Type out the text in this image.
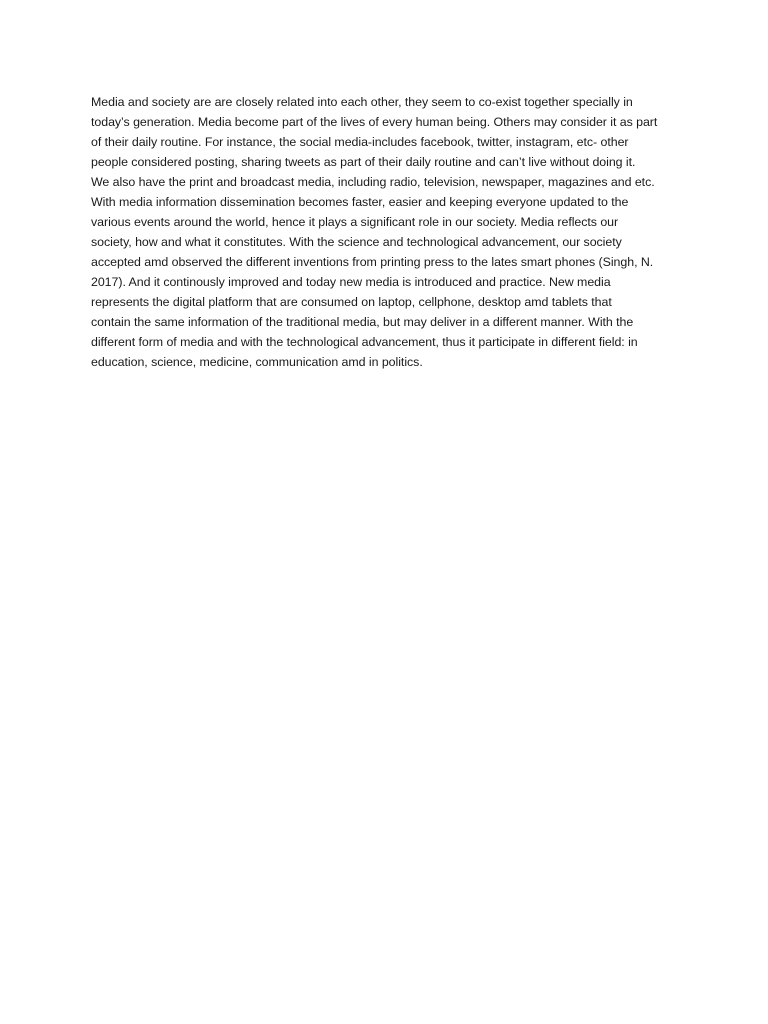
Media and society are are closely related into each other, they seem to co-exist together specially in
today’s generation. Media become part of the lives of every human being. Others may consider it as part
of their daily routine. For instance, the social media-includes facebook, twitter, instagram, etc- other
people considered posting, sharing tweets as part of their daily routine and can’t live without doing it.
We also have the print and broadcast media, including radio, television, newspaper, magazines and etc.
With media information dissemination becomes faster, easier and keeping everyone updated to the
various events around the world, hence it plays a significant role in our society. Media reflects our
society, how and what it constitutes. With the science and technological advancement, our society
accepted amd observed the different inventions from printing press to the lates smart phones (Singh, N.
2017). And it continously improved and today new media is introduced and practice. New media
represents the digital platform that are consumed on laptop, cellphone, desktop amd tablets that
contain the same information of the traditional media, but may deliver in a different manner. With the
different form of media and with the technological advancement, thus it participate in different field: in
education, science, medicine, communication amd in politics.
